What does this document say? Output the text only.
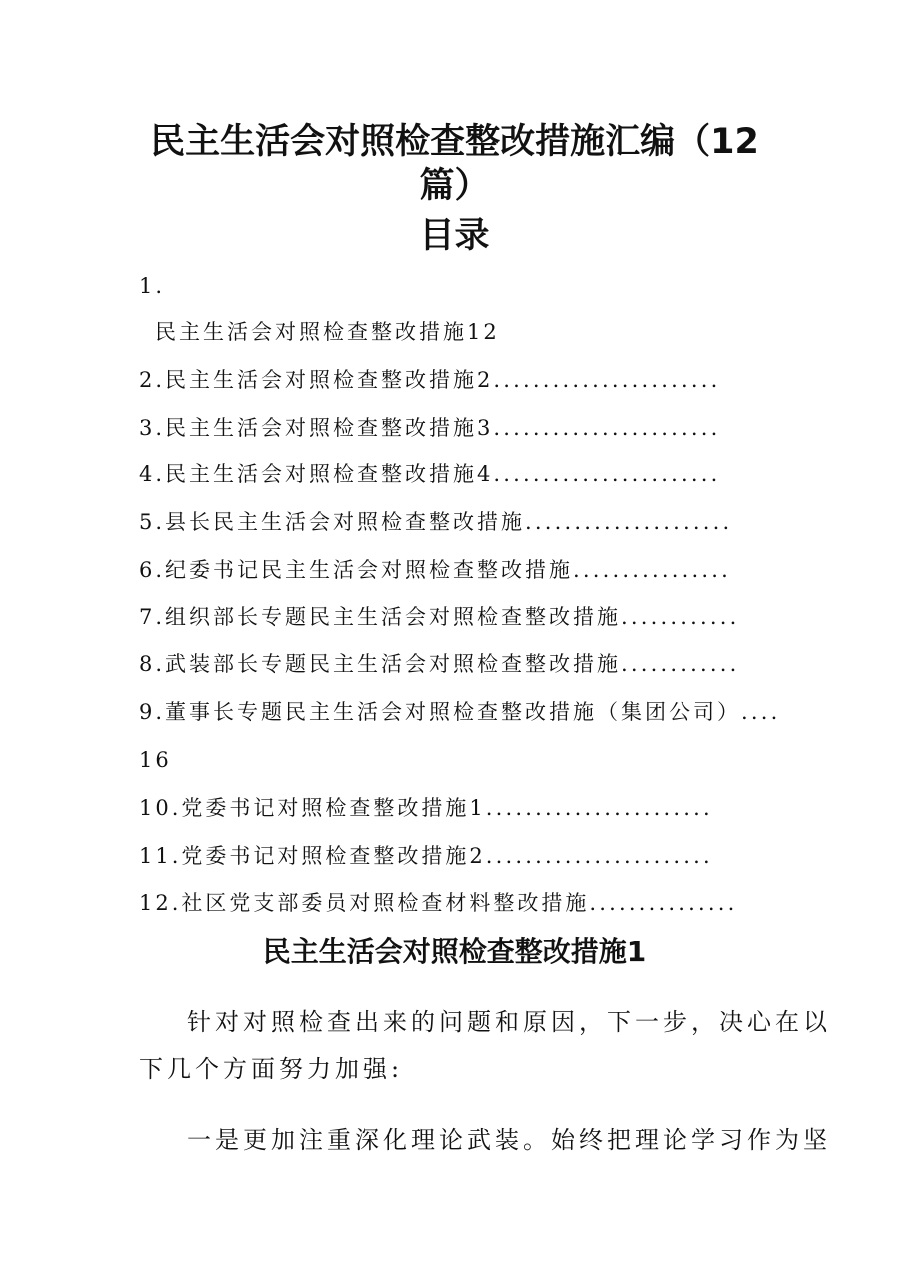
民主生活会对照检查整改措施汇编（12
篇）
目录
1.
民主生活会对照检查整改措施12
2.民主生活会对照检查整改措施2.......................
3.民主生活会对照检查整改措施3.......................
4.民主生活会对照检查整改措施4.......................
5.县长民主生活会对照检查整改措施.....................
6.纪委书记民主生活会对照检查整改措施................
7.组织部长专题民主生活会对照检查整改措施............
8.武装部长专题民主生活会对照检查整改措施............
9.董事长专题民主生活会对照检查整改措施（集团公司）....
16
10.党委书记对照检查整改措施1.......................
11.党委书记对照检查整改措施2.......................
12.社区党支部委员对照检查材料整改措施...............
民主生活会对照检查整改措施1
针对对照检查出来的问题和原因，下一步，决心在以
下几个方面努力加强:
一是更加注重深化理论武装。始终把理论学习作为坚
